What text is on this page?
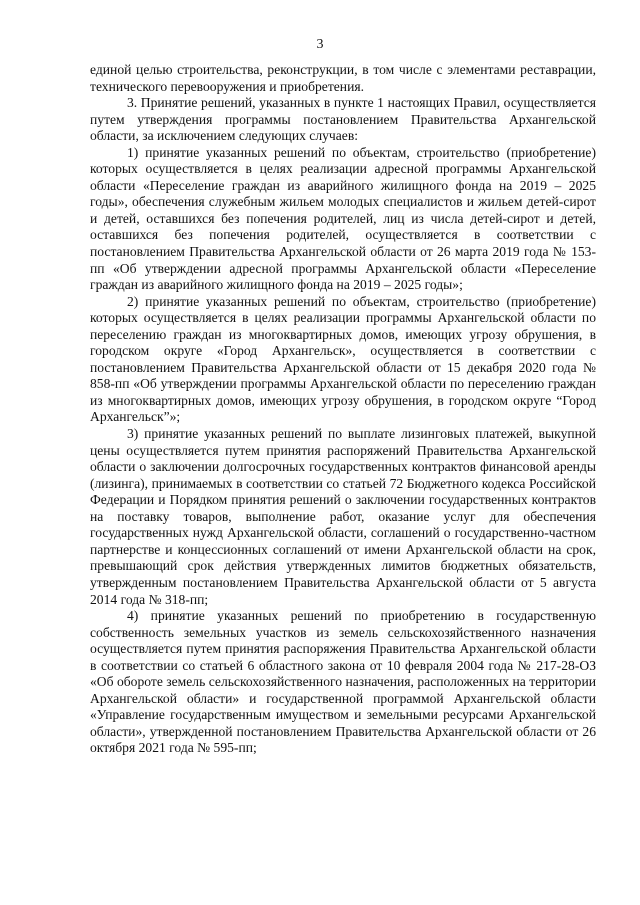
3

единой целью строительства, реконструкции, в том числе с элементами реставрации, технического перевооружения и приобретения.

3. Принятие решений, указанных в пункте 1 настоящих Правил, осуществляется путем утверждения программы постановлением Правительства Архангельской области, за исключением следующих случаев:

1) принятие указанных решений по объектам, строительство (приобретение) которых осуществляется в целях реализации адресной программы Архангельской области «Переселение граждан из аварийного жилищного фонда на 2019 – 2025 годы», обеспечения служебным жильем молодых специалистов и жильем детей-сирот и детей, оставшихся без попечения родителей, лиц из числа детей-сирот и детей, оставшихся без попечения родителей, осуществляется в соответствии с постановлением Правительства Архангельской области от 26 марта 2019 года № 153-пп «Об утверждении адресной программы Архангельской области «Переселение граждан из аварийного жилищного фонда на 2019 – 2025 годы»;

2) принятие указанных решений по объектам, строительство (приобретение) которых осуществляется в целях реализации программы Архангельской области по переселению граждан из многоквартирных домов, имеющих угрозу обрушения, в городском округе «Город Архангельск», осуществляется в соответствии с постановлением Правительства Архангельской области от 15 декабря 2020 года № 858-пп «Об утверждении программы Архангельской области по переселению граждан из многоквартирных домов, имеющих угрозу обрушения, в городском округе “Город Архангельск”»;

3) принятие указанных решений по выплате лизинговых платежей, выкупной цены осуществляется путем принятия распоряжений Правительства Архангельской области о заключении долгосрочных государственных контрактов финансовой аренды (лизинга), принимаемых в соответствии со статьей 72 Бюджетного кодекса Российской Федерации и Порядком принятия решений о заключении государственных контрактов на поставку товаров, выполнение работ, оказание услуг для обеспечения государственных нужд Архангельской области, соглашений о государственно-частном партнерстве и концессионных соглашений от имени Архангельской области на срок, превышающий срок действия утвержденных лимитов бюджетных обязательств, утвержденным постановлением Правительства Архангельской области от 5 августа 2014 года № 318-пп;

4) принятие указанных решений по приобретению в государственную собственность земельных участков из земель сельскохозяйственного назначения осуществляется путем принятия распоряжения Правительства Архангельской области в соответствии со статьей 6 областного закона от 10 февраля 2004 года № 217-28-ОЗ «Об обороте земель сельскохозяйственного назначения, расположенных на территории Архангельской области» и государственной программой Архангельской области «Управление государственным имуществом и земельными ресурсами Архангельской области», утвержденной постановлением Правительства Архангельской области от 26 октября 2021 года № 595-пп;
